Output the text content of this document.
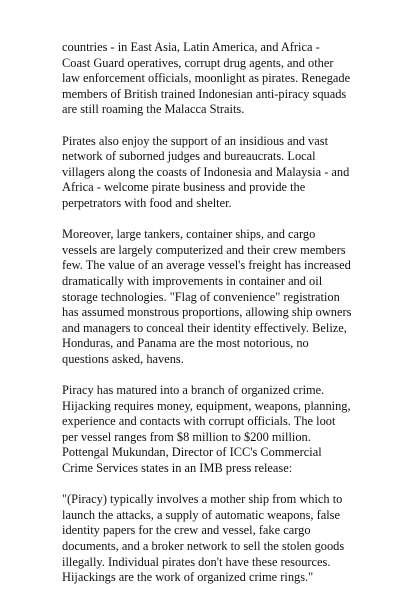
countries - in East Asia, Latin America, and Africa -
Coast Guard operatives, corrupt drug agents, and other
law enforcement officials, moonlight as pirates. Renegade
members of British trained Indonesian anti-piracy squads
are still roaming the Malacca Straits.

Pirates also enjoy the support of an insidious and vast
network of suborned judges and bureaucrats. Local
villagers along the coasts of Indonesia and Malaysia - and
Africa - welcome pirate business and provide the
perpetrators with food and shelter.

Moreover, large tankers, container ships, and cargo
vessels are largely computerized and their crew members
few. The value of an average vessel's freight has increased
dramatically with improvements in container and oil
storage technologies. "Flag of convenience" registration
has assumed monstrous proportions, allowing ship owners
and managers to conceal their identity effectively. Belize,
Honduras, and Panama are the most notorious, no
questions asked, havens.

Piracy has matured into a branch of organized crime.
Hijacking requires money, equipment, weapons, planning,
experience and contacts with corrupt officials. The loot
per vessel ranges from $8 million to $200 million.
Pottengal Mukundan, Director of ICC's Commercial
Crime Services states in an IMB press release:

"(Piracy) typically involves a mother ship from which to
launch the attacks, a supply of automatic weapons, false
identity papers for the crew and vessel, fake cargo
documents, and a broker network to sell the stolen goods
illegally. Individual pirates don't have these resources.
Hijackings are the work of organized crime rings."
